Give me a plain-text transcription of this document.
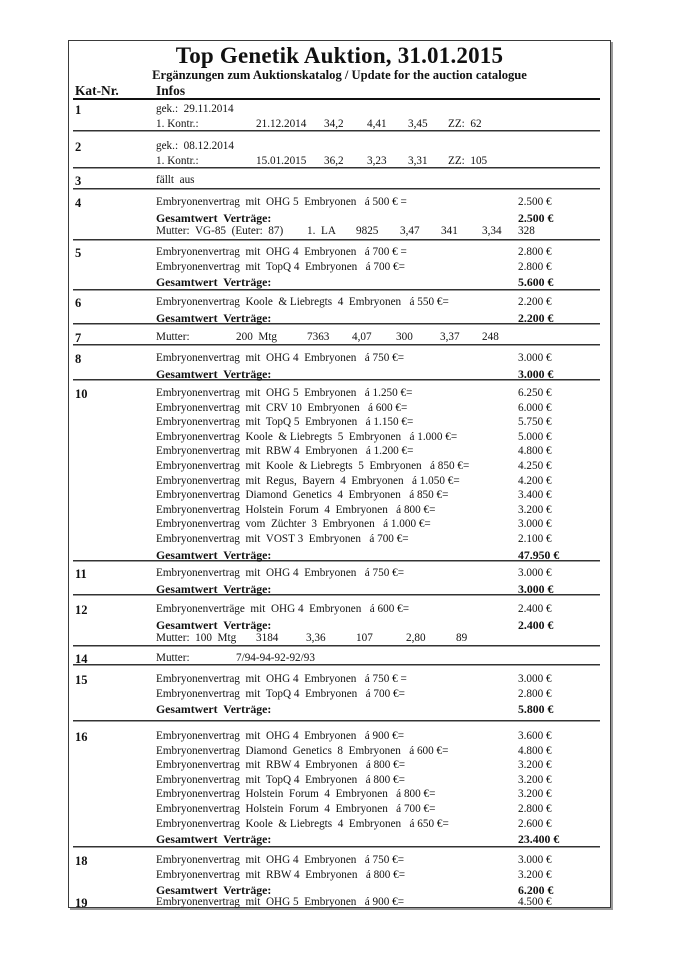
Top Genetik Auktion, 31.01.2015
Ergänzungen zum Auktionskatalog / Update for the auction catalogue
Kat-Nr.	Infos
1	gek.:  29.11.2014
1. Kontr.:	21.12.2014 34,2 4,41 3,45 ZZ:  62
2	gek.:  08.12.2014
1. Kontr.:	15.01.2015 36,2 3,23 3,31 ZZ:  105
3	fällt  aus
4	Embryonenvertrag  mit  OHG 5  Embryonen   á 500 € =	2.500 €
Gesamtwert  Verträge:	2.500 €
Mutter:  VG-85  (Euter:  87) 1.  LA 9825 3,47 341 3,34 328
5	Embryonenvertrag  mit  OHG 4  Embryonen   á 700 € =	2.800 €
Embryonenvertrag  mit  TopQ 4  Embryonen   á 700 €=	2.800 €
Gesamtwert  Verträge:	5.600 €
6	Embryonenvertrag  Koole  & Liebregts  4  Embryonen   á 550 €=	2.200 €
Gesamtwert  Verträge:	2.200 €
7	Mutter:	200  Mtg	7363 4,07 300 3,37 248
8	Embryonenvertrag  mit  OHG 4  Embryonen   á 750 €=	3.000 €
Gesamtwert  Verträge:	3.000 €
10	Embryonenvertrag  mit  OHG 5  Embryonen   á 1.250 €=	6.250 €
Embryonenvertrag  mit  CRV 10  Embryonen   á 600 €=	6.000 €
Embryonenvertrag  mit  TopQ 5  Embryonen   á 1.150 €=	5.750 €
Embryonenvertrag  Koole  & Liebregts  5  Embryonen   á 1.000 €=	5.000 €
Embryonenvertrag  mit  RBW 4  Embryonen   á 1.200 €=	4.800 €
Embryonenvertrag  mit  Koole  & Liebregts  5  Embryonen   á 850 €=	4.250 €
Embryonenvertrag  mit  Regus,  Bayern  4  Embryonen   á 1.050 €=	4.200 €
Embryonenvertrag  Diamond  Genetics  4  Embryonen   á 850 €=	3.400 €
Embryonenvertrag  Holstein  Forum  4  Embryonen   á 800 €=	3.200 €
Embryonenvertrag  vom  Züchter  3  Embryonen   á 1.000 €=	3.000 €
Embryonenvertrag  mit  VOST 3  Embryonen   á 700 €=	2.100 €
Gesamtwert  Verträge:	47.950 €
11	Embryonenvertrag  mit  OHG 4  Embryonen   á 750 €=	3.000 €
Gesamtwert  Verträge:	3.000 €
12	Embryonenverträge  mit  OHG 4  Embryonen   á 600 €=	2.400 €
Gesamtwert  Verträge:	2.400 €
Mutter:  100  Mtg 3184 3,36	107	2,80	89
14	Mutter:	7/94-94-92-92/93
15	Embryonenvertrag  mit  OHG 4  Embryonen   á 750 € =	3.000 €
Embryonenvertrag  mit  TopQ 4  Embryonen   á 700 €=	2.800 €
Gesamtwert  Verträge:	5.800 €
16	Embryonenvertrag  mit  OHG 4  Embryonen   á 900 €=	3.600 €
Embryonenvertrag  Diamond  Genetics  8  Embryonen   á 600 €=	4.800 €
Embryonenvertrag  mit  RBW 4  Embryonen   á 800 €=	3.200 €
Embryonenvertrag  mit  TopQ 4  Embryonen   á 800 €=	3.200 €
Embryonenvertrag  Holstein  Forum  4  Embryonen   á 800 €=	3.200 €
Embryonenvertrag  Holstein  Forum  4  Embryonen   á 700 €=	2.800 €
Embryonenvertrag  Koole  & Liebregts  4  Embryonen   á 650 €=	2.600 €
Gesamtwert  Verträge:	23.400 €
18	Embryonenvertrag  mit  OHG 4  Embryonen   á 750 €=	3.000 €
Embryonenvertrag  mit  RBW 4  Embryonen   á 800 €=	3.200 €
Gesamtwert  Verträge:	6.200 €
19	Embryonenvertrag  mit  OHG 5  Embryonen   á 900 €=	4.500 €
